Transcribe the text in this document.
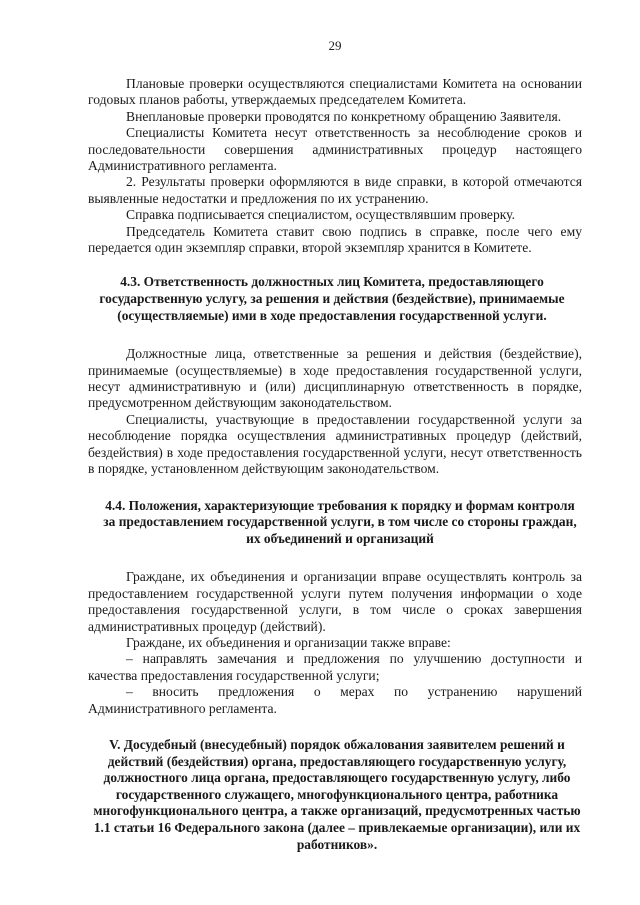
29

Плановые проверки осуществляются специалистами Комитета на основании годовых планов работы, утверждаемых председателем Комитета.

Внеплановые проверки проводятся по конкретному обращению Заявителя.

Специалисты Комитета несут ответственность за несоблюдение сроков и последовательности совершения административных процедур настоящего Административного регламента.

2. Результаты проверки оформляются в виде справки, в которой отмечаются выявленные недостатки и предложения по их устранению.

Справка подписывается специалистом, осуществлявшим проверку.

Председатель Комитета ставит свою подпись в справке, после чего ему передается один экземпляр справки, второй экземпляр хранится в Комитете.

4.3. Ответственность должностных лиц Комитета, предоставляющего государственную услугу, за решения и действия (бездействие), принимаемые (осуществляемые) ими в ходе предоставления государственной услуги.

Должностные лица, ответственные за решения и действия (бездействие), принимаемые (осуществляемые) в ходе предоставления государственной услуги, несут административную и (или) дисциплинарную ответственность в порядке, предусмотренном действующим законодательством.

Специалисты, участвующие в предоставлении государственной услуги за несоблюдение порядка осуществления административных процедур (действий, бездействия) в ходе предоставления государственной услуги, несут ответственность в порядке, установленном действующим законодательством.

4.4. Положения, характеризующие требования к порядку и формам контроля за предоставлением государственной услуги, в том числе со стороны граждан, их объединений и организаций

Граждане, их объединения и организации вправе осуществлять контроль за предоставлением государственной услуги путем получения информации о ходе предоставления государственной услуги, в том числе о сроках завершения административных процедур (действий).

Граждане, их объединения и организации также вправе:

– направлять замечания и предложения по улучшению доступности и качества предоставления государственной услуги;

– вносить предложения о мерах по устранению нарушений Административного регламента.

V. Досудебный (внесудебный) порядок обжалования заявителем решений и действий (бездействия) органа, предоставляющего государственную услугу, должностного лица органа, предоставляющего государственную услугу, либо государственного служащего, многофункционального центра, работника многофункционального центра, а также организаций, предусмотренных частью 1.1 статьи 16 Федерального закона (далее – привлекаемые организации), или их работников».
